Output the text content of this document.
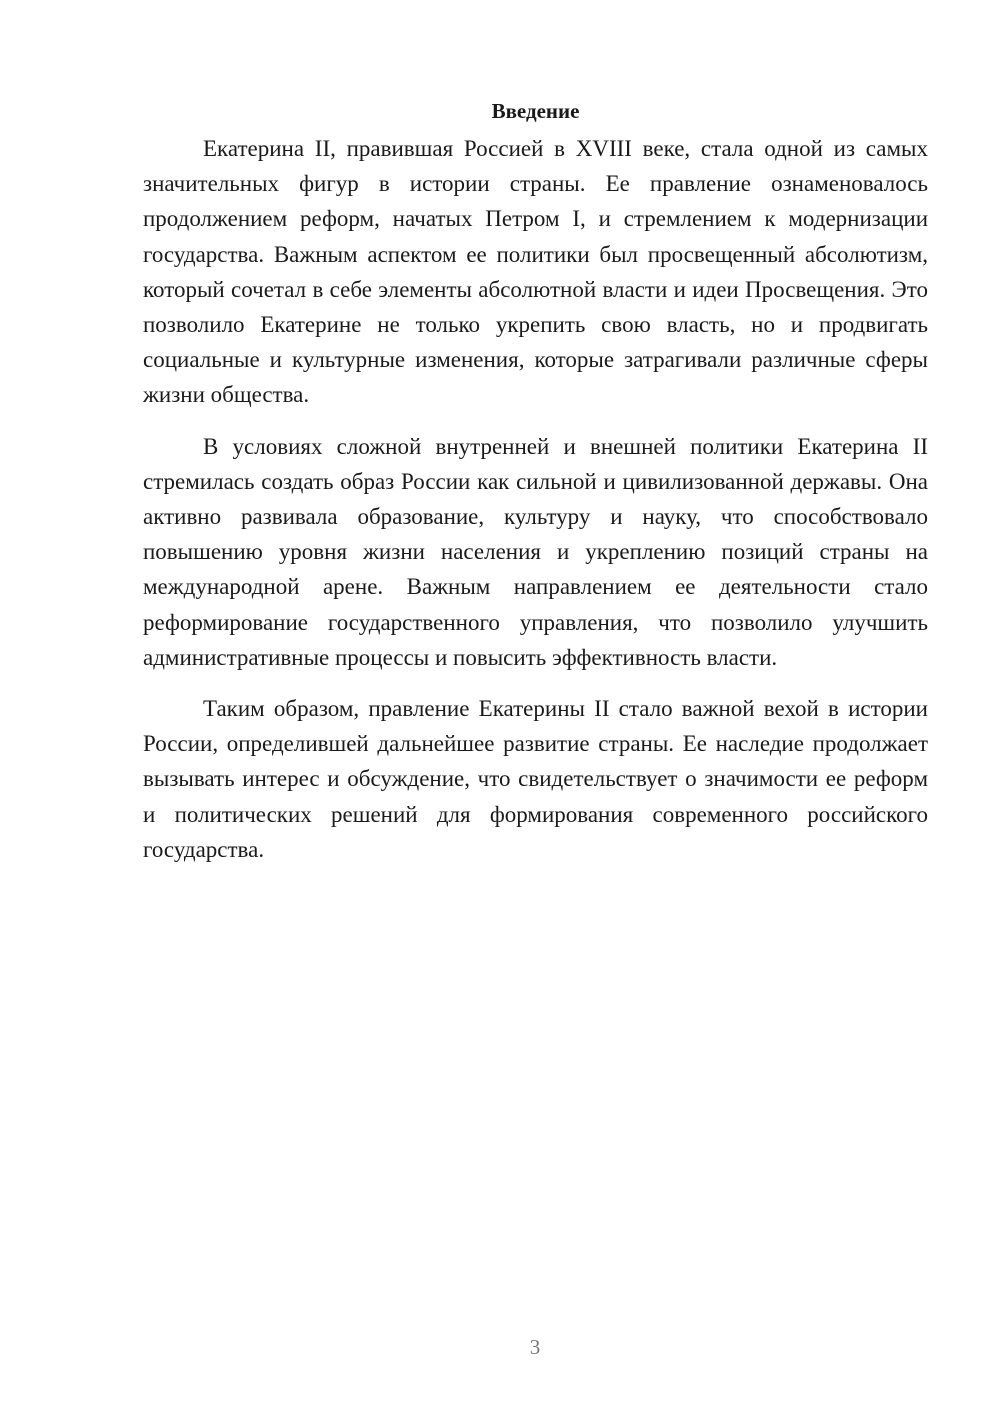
Введение

Екатерина II, правившая Россией в XVIII веке, стала одной из самых значительных фигур в истории страны. Ее правление ознаменовалось продолжением реформ, начатых Петром I, и стремлением к модернизации государства. Важным аспектом ее политики был просвещенный абсолютизм, который сочетал в себе элементы абсолютной власти и идеи Просвещения. Это позволило Екатерине не только укрепить свою власть, но и продвигать социальные и культурные изменения, которые затрагивали различные сферы жизни общества.

В условиях сложной внутренней и внешней политики Екатерина II стремилась создать образ России как сильной и цивилизованной державы. Она активно развивала образование, культуру и науку, что способствовало повышению уровня жизни населения и укреплению позиций страны на международной арене. Важным направлением ее деятельности стало реформирование государственного управления, что позволило улучшить административные процессы и повысить эффективность власти.

Таким образом, правление Екатерины II стало важной вехой в истории России, определившей дальнейшее развитие страны. Ее наследие продолжает вызывать интерес и обсуждение, что свидетельствует о значимости ее реформ и политических решений для формирования современного российского государства.

3
